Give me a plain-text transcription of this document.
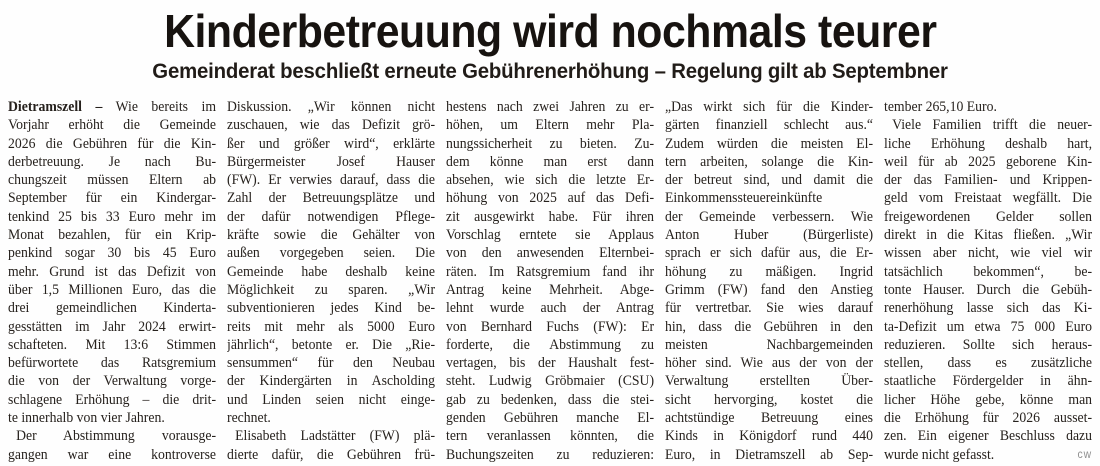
Kinderbetreuung wird nochmals teurer
Gemeinderat beschließt erneute Gebührenerhöhung – Regelung gilt ab Septembner
Dietramszell – Wie bereits im
Vorjahr erhöht die Gemeinde
2026 die Gebühren für die Kin-
derbetreuung. Je nach Bu-
chungszeit müssen Eltern ab
September für ein Kindergar-
tenkind 25 bis 33 Euro mehr im
Monat bezahlen, für ein Krip-
penkind sogar 30 bis 45 Euro
mehr. Grund ist das Defizit von
über 1,5 Millionen Euro, das die
drei gemeindlichen Kinderta-
gesstätten im Jahr 2024 erwirt-
schafteten. Mit 13:6 Stimmen
befürwortete das Ratsgremium
die von der Verwaltung vorge-
schlagene Erhöhung – die drit-
te innerhalb von vier Jahren.
Der Abstimmung vorausge-
gangen war eine kontroverse
Diskussion. „Wir können nicht
zuschauen, wie das Defizit grö-
ßer und größer wird“, erklärte
Bürgermeister Josef Hauser
(FW). Er verwies darauf, dass die
Zahl der Betreuungsplätze und
der dafür notwendigen Pflege-
kräfte sowie die Gehälter von
außen vorgegeben seien. Die
Gemeinde habe deshalb keine
Möglichkeit zu sparen. „Wir
subventionieren jedes Kind be-
reits mit mehr als 5000 Euro
jährlich“, betonte er. Die „Rie-
sensummen“ für den Neubau
der Kindergärten in Ascholding
und Linden seien nicht einge-
rechnet.
Elisabeth Ladstätter (FW) plä-
dierte dafür, die Gebühren frü-
hestens nach zwei Jahren zu er-
höhen, um Eltern mehr Pla-
nungssicherheit zu bieten. Zu-
dem könne man erst dann
absehen, wie sich die letzte Er-
höhung von 2025 auf das Defi-
zit ausgewirkt habe. Für ihren
Vorschlag erntete sie Applaus
von den anwesenden Elternbei-
räten. Im Ratsgremium fand ihr
Antrag keine Mehrheit. Abge-
lehnt wurde auch der Antrag
von Bernhard Fuchs (FW): Er
forderte, die Abstimmung zu
vertagen, bis der Haushalt fest-
steht. Ludwig Gröbmaier (CSU)
gab zu bedenken, dass die stei-
genden Gebühren manche El-
tern veranlassen könnten, die
Buchungszeiten zu reduzieren:
„Das wirkt sich für die Kinder-
gärten finanziell schlecht aus.“
Zudem würden die meisten El-
tern arbeiten, solange die Kin-
der betreut sind, und damit die
Einkommenssteuereinkünfte
der Gemeinde verbessern. Wie
Anton Huber (Bürgerliste)
sprach er sich dafür aus, die Er-
höhung zu mäßigen. Ingrid
Grimm (FW) fand den Anstieg
für vertretbar. Sie wies darauf
hin, dass die Gebühren in den
meisten Nachbargemeinden
höher sind. Wie aus der von der
Verwaltung erstellten Über-
sicht hervorging, kostet die
achtstündige Betreuung eines
Kinds in Königdorf rund 440
Euro, in Dietramszell ab Sep-
tember 265,10 Euro.
Viele Familien trifft die neuer-
liche Erhöhung deshalb hart,
weil für ab 2025 geborene Kin-
der das Familien- und Krippen-
geld vom Freistaat wegfällt. Die
freigewordenen Gelder sollen
direkt in die Kitas fließen. „Wir
wissen aber nicht, wie viel wir
tatsächlich bekommen“, be-
tonte Hauser. Durch die Gebüh-
renerhöhung lasse sich das Ki-
ta-Defizit um etwa 75 000 Euro
reduzieren. Sollte sich heraus-
stellen, dass es zusätzliche
staatliche Fördergelder in ähn-
licher Höhe gebe, könne man
die Erhöhung für 2026 ausset-
zen. Ein eigener Beschluss dazu
wurde nicht gefasst.	cw
